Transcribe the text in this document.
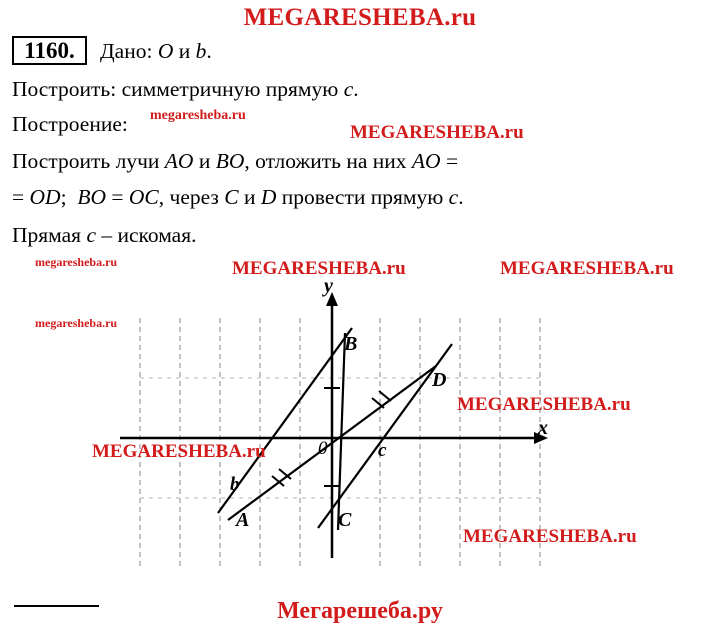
MEGARESHEBA.ru
1160. Дано: O и b.
Построить: симметричную прямую c.
Построение:
Построить лучи AO и BO, отложить на них AO =
= OD;  BO = OC, через C и D провести прямую c.
Прямая c – искомая.
x
y
0
B
D
A	C
b
c
megaresheba.ru
MEGARESHEBA.ru
megaresheba.ru	MEGARESHEBA.ru	MEGARESHEBA.ru
megaresheba.ru
MEGARESHEBA.ru
MEGARESHEBA.ru
MEGARESHEBA.ru
Мегарешеба.ру
